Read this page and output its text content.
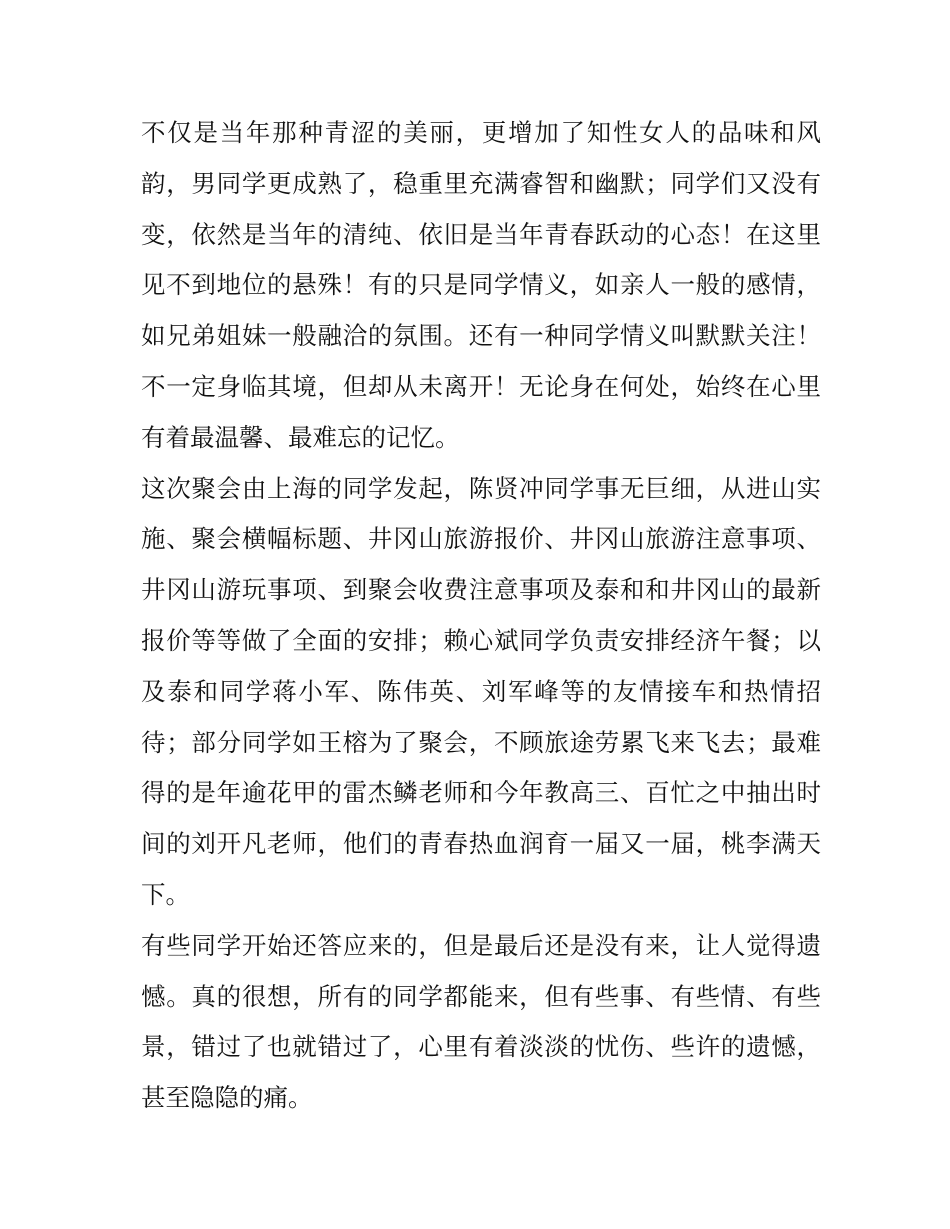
不仅是当年那种青涩的美丽，更增加了知性女人的品味和风
韵，男同学更成熟了，稳重里充满睿智和幽默；同学们又没有
变，依然是当年的清纯、依旧是当年青春跃动的心态！在这里
见不到地位的悬殊！有的只是同学情义，如亲人一般的感情，
如兄弟姐妹一般融洽的氛围。还有一种同学情义叫默默关注！
不一定身临其境，但却从未离开！无论身在何处，始终在心里
有着最温馨、最难忘的记忆。
这次聚会由上海的同学发起，陈贤冲同学事无巨细，从进山实
施、聚会横幅标题、井冈山旅游报价、井冈山旅游注意事项、
井冈山游玩事项、到聚会收费注意事项及泰和和井冈山的最新
报价等等做了全面的安排；赖心斌同学负责安排经济午餐；以
及泰和同学蒋小军、陈伟英、刘军峰等的友情接车和热情招
待；部分同学如王榕为了聚会，不顾旅途劳累飞来飞去；最难
得的是年逾花甲的雷杰鳞老师和今年教高三、百忙之中抽出时
间的刘开凡老师，他们的青春热血润育一届又一届，桃李满天
下。
有些同学开始还答应来的，但是最后还是没有来，让人觉得遗
憾。真的很想，所有的同学都能来，但有些事、有些情、有些
景，错过了也就错过了，心里有着淡淡的忧伤、些许的遗憾，
甚至隐隐的痛。
